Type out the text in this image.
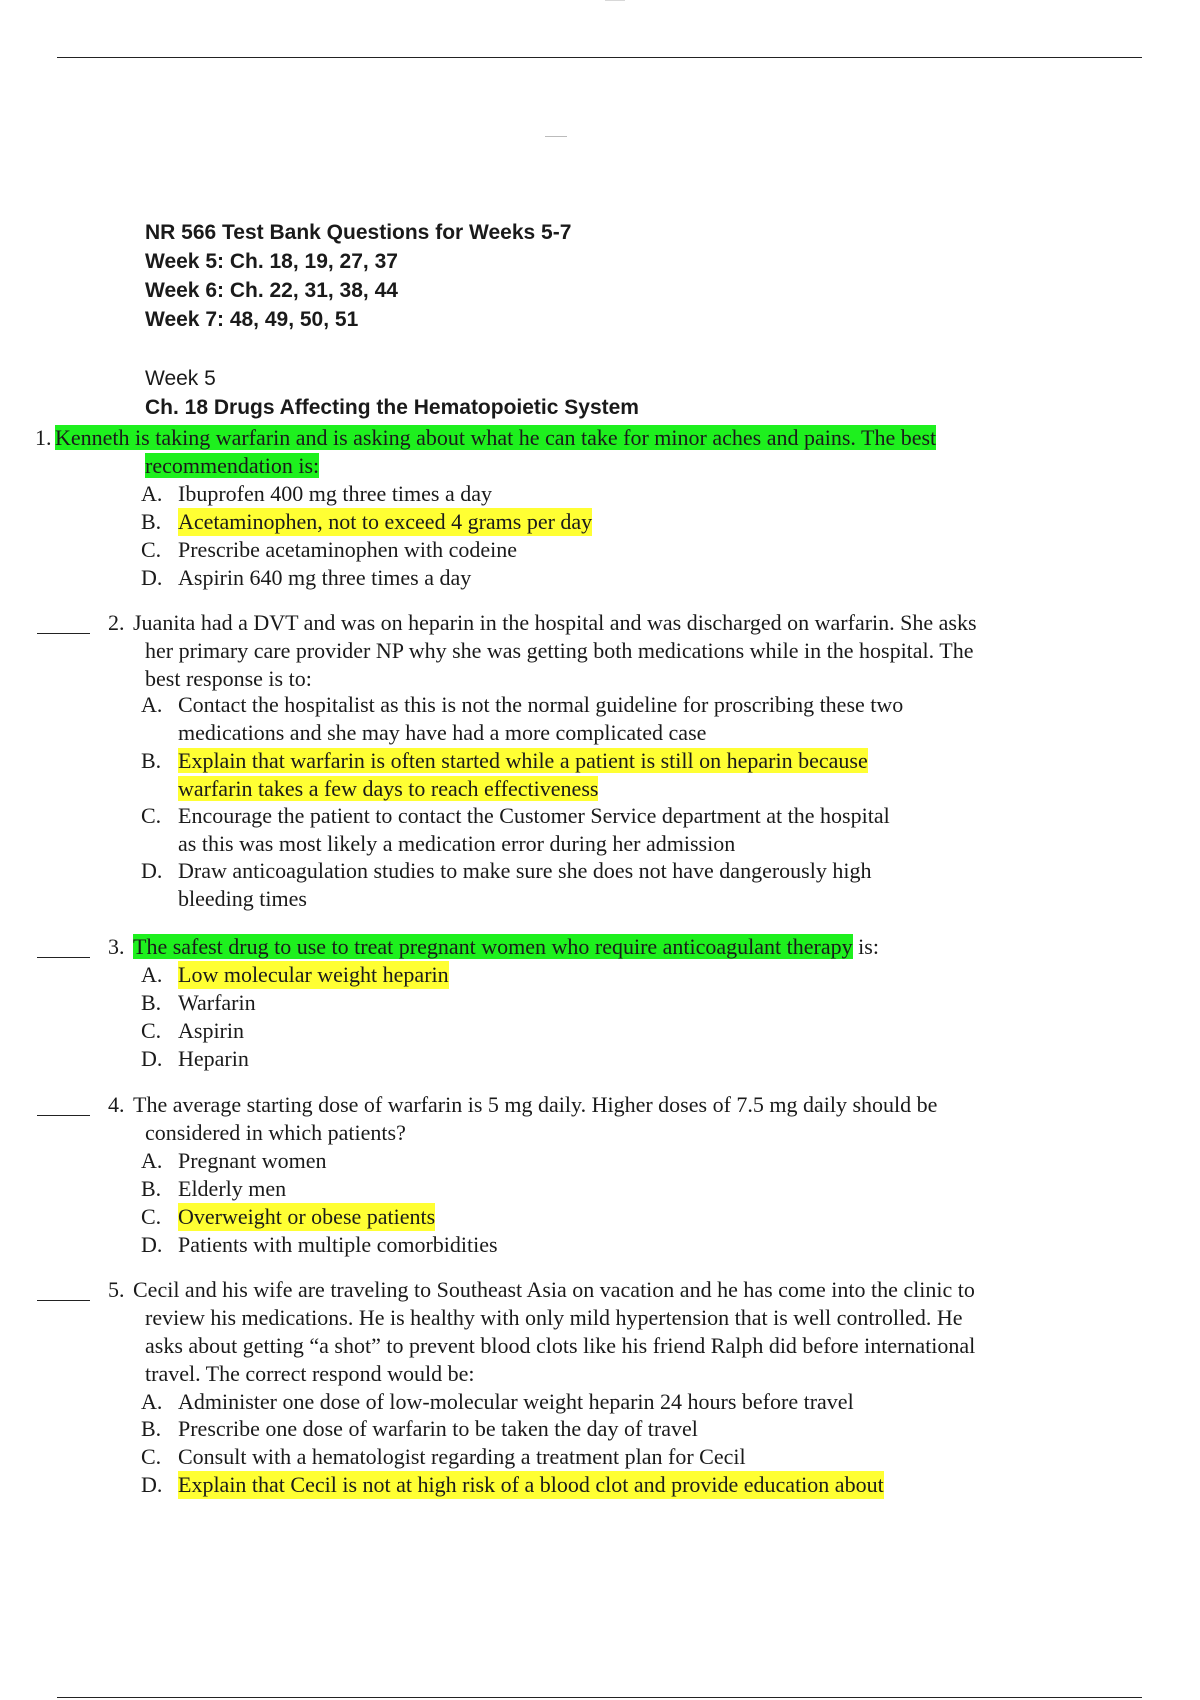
NR 566 Test Bank Questions for Weeks 5-7
Week 5: Ch. 18, 19, 27, 37
Week 6: Ch. 22, 31, 38, 44
Week 7: 48, 49, 50, 51
Week 5
Ch. 18 Drugs Affecting the Hematopoietic System
1. Kenneth is taking warfarin and is asking about what he can take for minor aches and pains. The best
recommendation is:
A. Ibuprofen 400 mg three times a day
B. Acetaminophen, not to exceed 4 grams per day
C. Prescribe acetaminophen with codeine
D. Aspirin 640 mg three times a day
2. Juanita had a DVT and was on heparin in the hospital and was discharged on warfarin. She asks
her primary care provider NP why she was getting both medications while in the hospital. The
best response is to:
A. Contact the hospitalist as this is not the normal guideline for proscribing these two
medications and she may have had a more complicated case
B. Explain that warfarin is often started while a patient is still on heparin because
warfarin takes a few days to reach effectiveness
C. Encourage the patient to contact the Customer Service department at the hospital
as this was most likely a medication error during her admission
D. Draw anticoagulation studies to make sure she does not have dangerously high
bleeding times
3. The safest drug to use to treat pregnant women who require anticoagulant therapy is:
A. Low molecular weight heparin
B. Warfarin
C. Aspirin
D. Heparin
4. The average starting dose of warfarin is 5 mg daily. Higher doses of 7.5 mg daily should be
considered in which patients?
A. Pregnant women
B. Elderly men
C. Overweight or obese patients
D. Patients with multiple comorbidities
5. Cecil and his wife are traveling to Southeast Asia on vacation and he has come into the clinic to
review his medications. He is healthy with only mild hypertension that is well controlled. He
asks about getting “a shot” to prevent blood clots like his friend Ralph did before international
travel. The correct respond would be:
A. Administer one dose of low-molecular weight heparin 24 hours before travel
B. Prescribe one dose of warfarin to be taken the day of travel
C. Consult with a hematologist regarding a treatment plan for Cecil
D. Explain that Cecil is not at high risk of a blood clot and provide education about
